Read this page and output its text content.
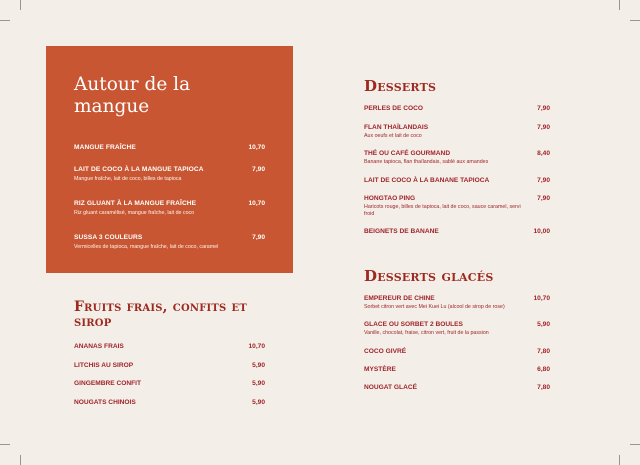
Autour de la mangue
MANGUE FRAÎCHE	10,70
LAIT DE COCO À LA MANGUE TAPIOCA	7,90
Mangue fraîche, lait de coco, billes de tapioca
RIZ GLUANT À LA MANGUE FRAÎCHE	10,70
Riz gluant caramélisé, mangue fraîche, lait de coco
SUSSA 3 COULEURS	7,90
Vermicelles de tapioca, mangue fraîche, lait de coco, caramel
Fruits frais, confits et sirop
ANANAS FRAIS	10,70
LITCHIS AU SIROP	5,90
GINGEMBRE CONFIT	5,90
NOUGATS CHINOIS	5,90
Desserts
PERLES DE COCO	7,90
FLAN THAÏLANDAIS	7,90
Aux oeufs et lait de coco
THÉ OU CAFÉ GOURMAND	8,40
Banane tapioca, flan thaïlandais, sablé aux amandes
LAIT DE COCO À LA BANANE TAPIOCA	7,90
HONGTAO PING	7,90
Haricots rouge, billes de tapioca, lait de coco, sauce caramel, servi froid
BEIGNETS DE BANANE	10,00
Desserts glacés
EMPEREUR DE CHINE	10,70
Sorbet citron vert avec Mei Kuei Lu (alcool de sirop de rose)
GLACE OU SORBET 2 BOULES	5,90
Vanille, chocolat, fraise, citron vert, fruit de la passion
COCO GIVRÉ	7,80
MYSTÈRE	6,80
NOUGAT GLACÉ	7,80
